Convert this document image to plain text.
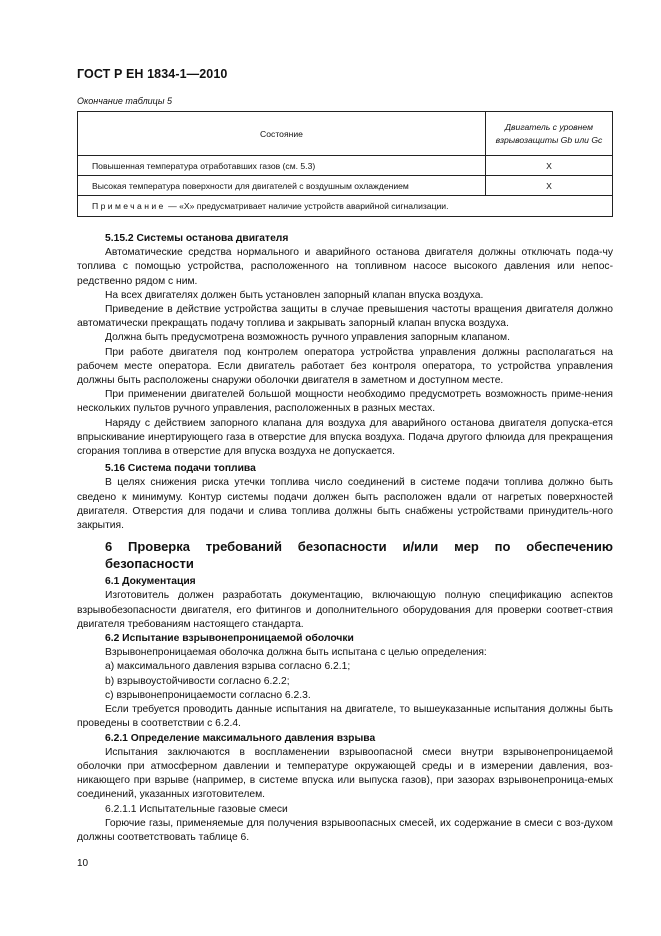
ГОСТ Р ЕН 1834-1—2010
Окончание таблицы 5
Состояние	Двигатель с уровнем
взрывозащиты Gb или Gc
Повышенная температура отработавших газов (см. 5.3)	X
Высокая температура поверхности для двигателей с воздушным охлаждением	X
Примечание — «X» предусматривает наличие устройств аварийной сигнализации.	

5.15.2 Системы останова двигателя

Автоматические средства нормального и аварийного останова двигателя должны отключать пода-чу топлива с помощью устройства, расположенного на топливном насосе высокого давления или непос-редственно рядом с ним.

На всех двигателях должен быть установлен запорный клапан впуска воздуха.

Приведение в действие устройства защиты в случае превышения частоты вращения двигателя должно автоматически прекращать подачу топлива и закрывать запорный клапан впуска воздуха.

Должна быть предусмотрена возможность ручного управления запорным клапаном.

При работе двигателя под контролем оператора устройства управления должны располагаться на рабочем месте оператора. Если двигатель работает без контроля оператора, то устройства управления должны быть расположены снаружи оболочки двигателя в заметном и доступном месте.

При применении двигателей большой мощности необходимо предусмотреть возможность приме-нения нескольких пультов ручного управления, расположенных в разных местах.

Наряду с действием запорного клапана для воздуха для аварийного останова двигателя допуска-ется впрыскивание инертирующего газа в отверстие для впуска воздуха. Подача другого флюида для прекращения сгорания топлива в отверстие для впуска воздуха не допускается.

5.16 Система подачи топлива

В целях снижения риска утечки топлива число соединений в системе подачи топлива должно быть сведено к минимуму. Контур системы подачи должен быть расположен вдали от нагретых поверхностей двигателя. Отверстия для подачи и слива топлива должны быть снабжены устройствами принудитель-ного закрытия.

6 Проверка требований безопасности и/или мер по обеспечению безопасности

6.1 Документация

Изготовитель должен разработать документацию, включающую полную спецификацию аспектов взрывобезопасности двигателя, его фитингов и дополнительного оборудования для проверки соответ-ствия двигателя требованиям настоящего стандарта.

6.2 Испытание взрывонепроницаемой оболочки

Взрывонепроницаемая оболочка должна быть испытана с целью определения:

a) максимального давления взрыва согласно 6.2.1;

b) взрывоустойчивости согласно 6.2.2;

c) взрывонепроницаемости согласно 6.2.3.

Если требуется проводить данные испытания на двигателе, то вышеуказанные испытания должны быть проведены в соответствии с 6.2.4.

6.2.1 Определение максимального давления взрыва

Испытания заключаются в воспламенении взрывоопасной смеси внутри взрывонепроницаемой оболочки при атмосферном давлении и температуре окружающей среды и в измерении давления, воз-никающего при взрыве (например, в системе впуска или выпуска газов), при зазорах взрывонепроница-емых соединений, указанных изготовителем.

6.2.1.1 Испытательные газовые смеси

Горючие газы, применяемые для получения взрывоопасных смесей, их содержание в смеси с воз-духом должны соответствовать таблице 6.

10
